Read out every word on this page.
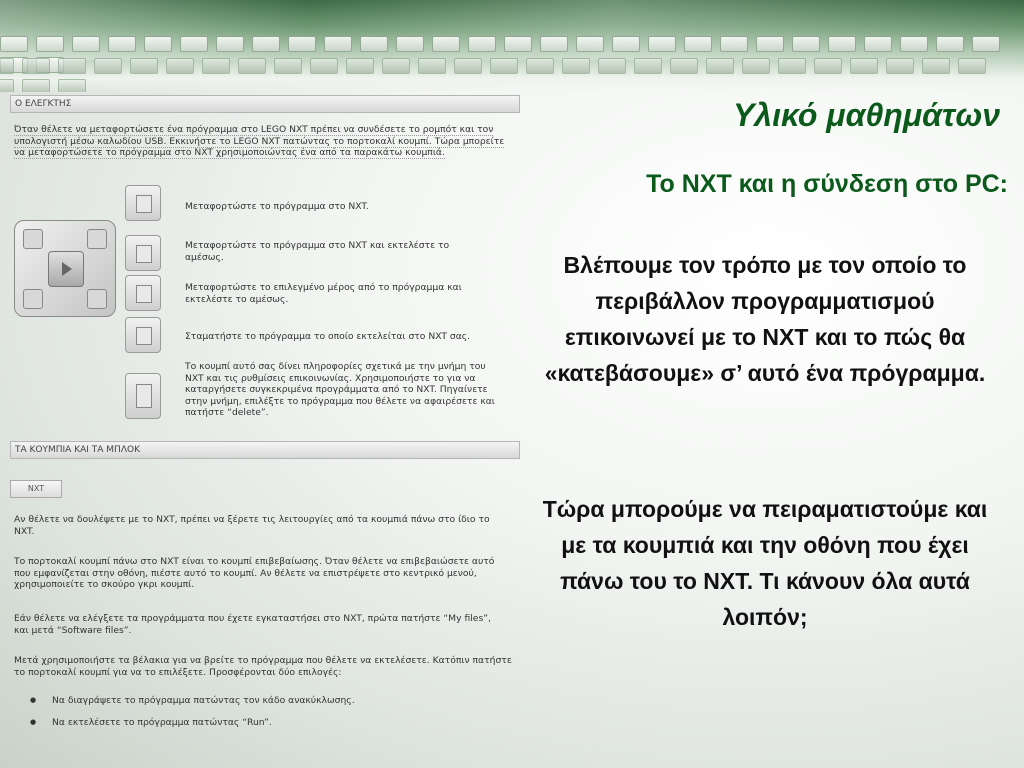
Ο ΕΛΕΓΚΤΗΣ
Όταν θέλετε να μεταφορτώσετε ένα πρόγραμμα στο LEGO NXT πρέπει να συνδέσετε το ρομπότ και τον υπολογιστή μέσω καλωδίου USB. Εκκινήστε το LEGO NXT πατώντας το πορτοκαλί κουμπί. Τώρα μπορείτε να μεταφορτώσετε το πρόγραμμα στο NXT χρησιμοποιώντας ένα από τα παρακάτω κουμπιά.
Μεταφορτώστε το πρόγραμμα στο NXT.
Μεταφορτώστε το πρόγραμμα στο NXT και εκτελέστε το αμέσως.
Μεταφορτώστε το επιλεγμένο μέρος από το πρόγραμμα και εκτελέστε το αμέσως.
Σταματήστε το πρόγραμμα το οποίο εκτελείται στο NXT σας.
Το κουμπί αυτό σας δίνει πληροφορίες σχετικά με την μνήμη του NXT και τις ρυθμίσεις επικοινωνίας. Χρησιμοποιήστε το για να καταργήσετε συγκεκριμένα προγράμματα από το NXT. Πηγαίνετε στην μνήμη, επιλέξτε το πρόγραμμα που θέλετε να αφαιρέσετε και πατήστε “delete”.
ΤΑ ΚΟΥΜΠΙΑ ΚΑΙ ΤΑ ΜΠΛΟΚ
NXT
Αν θέλετε να δουλέψετε με το NXT, πρέπει να ξέρετε τις λειτουργίες από τα κουμπιά πάνω στο ίδιο το NXT.
Το πορτοκαλί κουμπί πάνω στο NXT είναι το κουμπί επιβεβαίωσης. Όταν θέλετε να επιβεβαιώσετε αυτό που εμφανίζεται στην οθόνη, πιέστε αυτό το κουμπί. Αν θέλετε να επιστρέψετε στο κεντρικό μενού, χρησιμοποιείτε το σκούρο γκρι κουμπί.
Εάν θέλετε να ελέγξετε τα προγράμματα που έχετε εγκαταστήσει στο NXT, πρώτα πατήστε “My files”, και μετά “Software files”.
Μετά χρησιμοποιήστε τα βέλακια για να βρείτε το πρόγραμμα που θέλετε να εκτελέσετε. Κατόπιν πατήστε το πορτοκαλί κουμπί για να το επιλέξετε. Προσφέρονται δύο επιλογές:
● Να διαγράψετε το πρόγραμμα πατώντας τον κάδο ανακύκλωσης.
● Να εκτελέσετε το πρόγραμμα πατώντας “Run”.
Υλικό μαθημάτων
Το NXT και η σύνδεση στο PC:

Βλέπουμε τον τρόπο με τον οποίο το περιβάλλον προγραμματισμού επικοινωνεί με το NXT και το πώς θα «κατεβάσουμε» σ’ αυτό ένα πρόγραμμα.

Τώρα μπορούμε να πειραματιστούμε και με τα κουμπιά και την οθόνη που έχει πάνω του το NXT. Τι κάνουν όλα αυτά λοιπόν;
